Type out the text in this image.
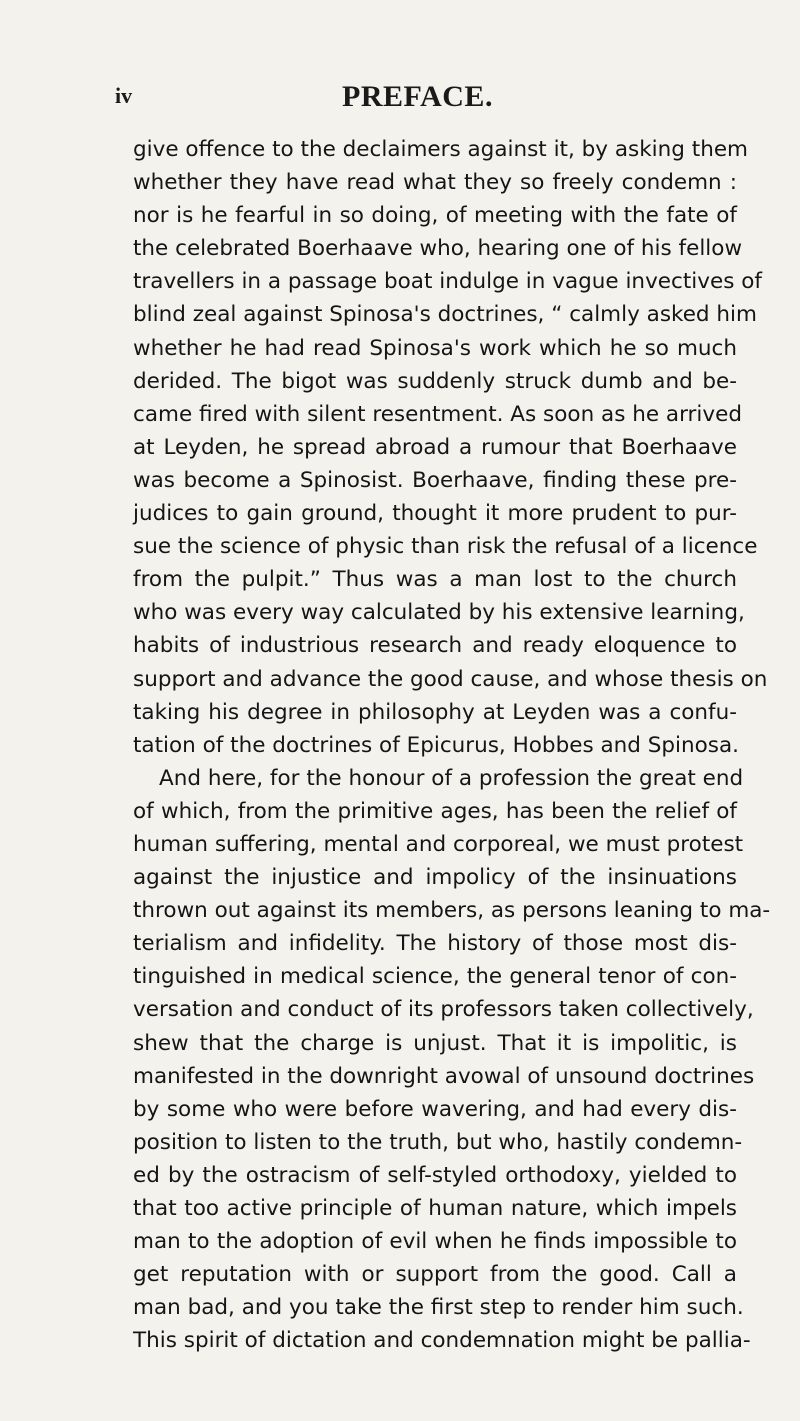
iv	PREFACE.
give offence to the declaimers against it, by asking them
whether they have read what they so freely condemn :
nor is he fearful in so doing, of meeting with the fate of
the celebrated Boerhaave who, hearing one of his fellow
travellers in a passage boat indulge in vague invectives of
blind zeal against Spinosa's doctrines, “ calmly asked him
whether he had read Spinosa's work which he so much
derided. The bigot was suddenly struck dumb and be-
came fired with silent resentment. As soon as he arrived
at Leyden, he spread abroad a rumour that Boerhaave
was become a Spinosist. Boerhaave, finding these pre-
judices to gain ground, thought it more prudent to pur-
sue the science of physic than risk the refusal of a licence
from the pulpit.” Thus was a man lost to the church
who was every way calculated by his extensive learning,
habits of industrious research and ready eloquence to
support and advance the good cause, and whose thesis on
taking his degree in philosophy at Leyden was a confu-
tation of the doctrines of Epicurus, Hobbes and Spinosa.
And here, for the honour of a profession the great end
of which, from the primitive ages, has been the relief of
human suffering, mental and corporeal, we must protest
against the injustice and impolicy of the insinuations
thrown out against its members, as persons leaning to ma-
terialism and infidelity. The history of those most dis-
tinguished in medical science, the general tenor of con-
versation and conduct of its professors taken collectively,
shew that the charge is unjust. That it is impolitic, is
manifested in the downright avowal of unsound doctrines
by some who were before wavering, and had every dis-
position to listen to the truth, but who, hastily condemn-
ed by the ostracism of self-styled orthodoxy, yielded to
that too active principle of human nature, which impels
man to the adoption of evil when he finds impossible to
get reputation with or support from the good. Call a
man bad, and you take the first step to render him such.
This spirit of dictation and condemnation might be pallia-
